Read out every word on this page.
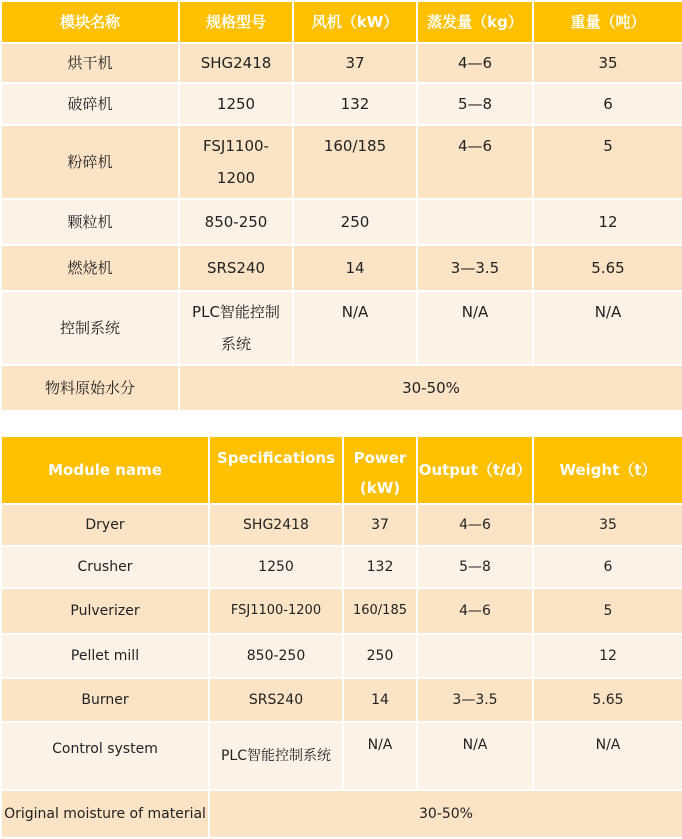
模块名称	规格型号	风机（kW）	蒸发量（kg）	重量（吨）
烘干机	SHG2418	37	4—6	35
破碎机	1250	132	5—8	6
粉碎机	FSJ1100-1200	160/185	4—6	5
颗粒机	850-250	250		12
燃烧机	SRS240	14	3—3.5	5.65
控制系统	PLC智能控制系统	N/A	N/A	N/A
物料原始水分	30-50%			
Module name	Specifications	Power (kW)	Output（t/d）	Weight（t）
Dryer	SHG2418	37	4—6	35
Crusher	1250	132	5—8	6
Pulverizer	FSJ1100-1200	160/185	4—6	5
Pellet mill	850-250	250		12
Burner	SRS240	14	3—3.5	5.65
Control system	PLC智能控制系统	N/A	N/A	N/A
Original moisture of material	30-50%			
